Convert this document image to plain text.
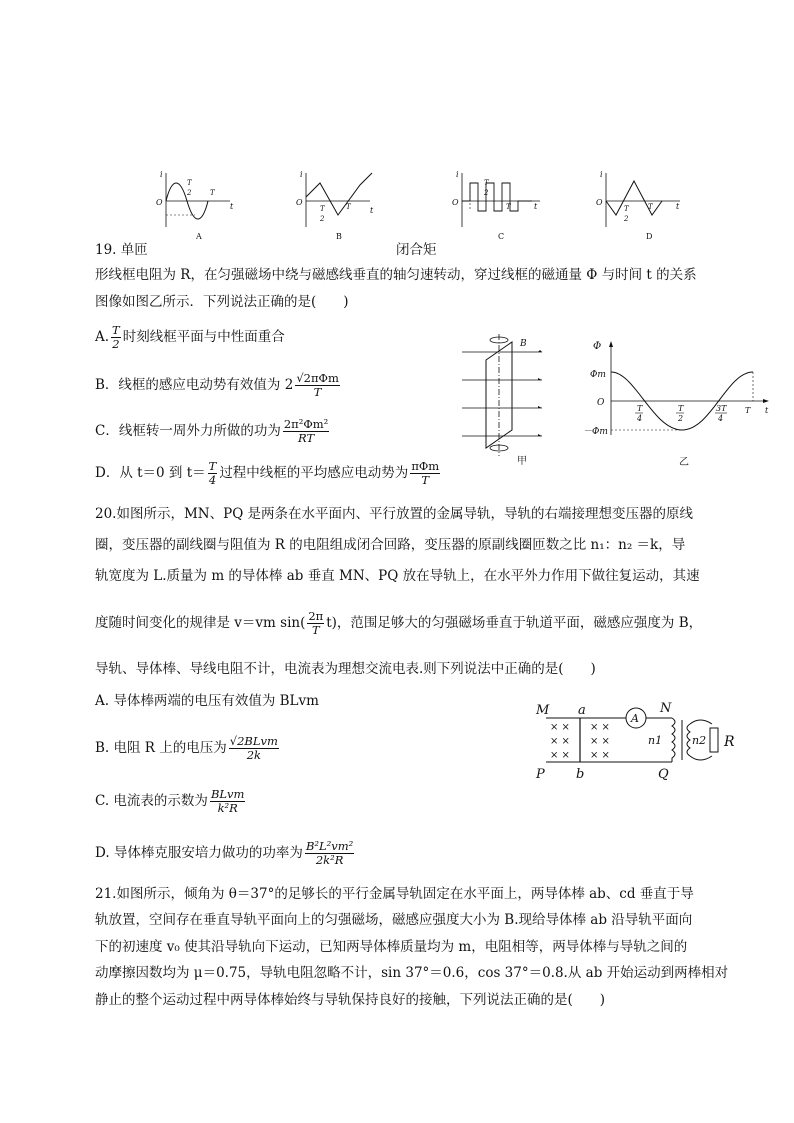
i
O	t
T
2	T
A
i
O
t
T
2
T
B
i
O	t
T
2
T
C
i
O	t
T
2
T
D
19. 单匝	闭合矩
形线框电阻为 R，在匀强磁场中绕与磁感线垂直的轴匀速转动，穿过线框的磁通量 Φ 与时间 t 的关系
图像如图乙所示．下列说法正确的是(　　)
A. $\frac{T}{2}$ 时刻线框平面与中性面重合
B．线框的感应电动势有效值为 $2 \frac{\text{√2πΦm}}{T}$
C．线框转一周外力所做的功为 $\frac{\text{2π²Φm²}}{RT}$
D．从 t＝0 到 $t= \frac{T}{4}$ 过程中线框的平均感应电动势为 $\frac{\text{πΦm}}{T}$
B
甲
Φ
Φm
O
－Φm
T
4
T
2
3T
4
T t
乙
20.如图所示，MN、PQ 是两条在水平面内、平行放置的金属导轨，导轨的右端接理想变压器的原线
圈，变压器的副线圈与阻值为 R 的电阻组成闭合回路，变压器的原副线圈匝数之比 n₁：n₂ ＝k，导
轨宽度为 L.质量为 m 的导体棒 ab 垂直 MN、PQ 放在导轨上，在水平外力作用下做往复运动，其速
度随时间变化的规律是 v＝vm $\sin( \frac{2\pi}{T} t)$，范围足够大的匀强磁场垂直于轨道平面，磁感应强度为 B，
导轨、导体棒、导线电阻不计，电流表为理想交流电表.则下列说法中正确的是(　　)
A. 导体棒两端的电压有效值为 BLvm
B. 电阻 R 上的电压为 $\frac{\text{√2BLvm}}{2k}$
C. 电流表的示数为 $\frac{\text{BLvm}}{\text{k²R}}$
D. 导体棒克服安培力做功的功率为 $\frac{\text{B²L²vm²}}{\text{2k²R}}$
A
× × × ×
× × × ×
× × × ×
M a	N
P b	Q
n1	n2 R
21.如图所示，倾角为 θ＝37°的足够长的平行金属导轨固定在水平面上，两导体棒 ab、cd 垂直于导
轨放置，空间存在垂直导轨平面向上的匀强磁场，磁感应强度大小为 B.现给导体棒 ab 沿导轨平面向
下的初速度 v₀ 使其沿导轨向下运动，已知两导体棒质量均为 m，电阻相等，两导体棒与导轨之间的
动摩擦因数均为 μ＝0.75，导轨电阻忽略不计，sin 37°＝0.6，cos 37°＝0.8.从 ab 开始运动到两棒相对
静止的整个运动过程中两导体棒始终与导轨保持良好的接触，下列说法正确的是(　　)
